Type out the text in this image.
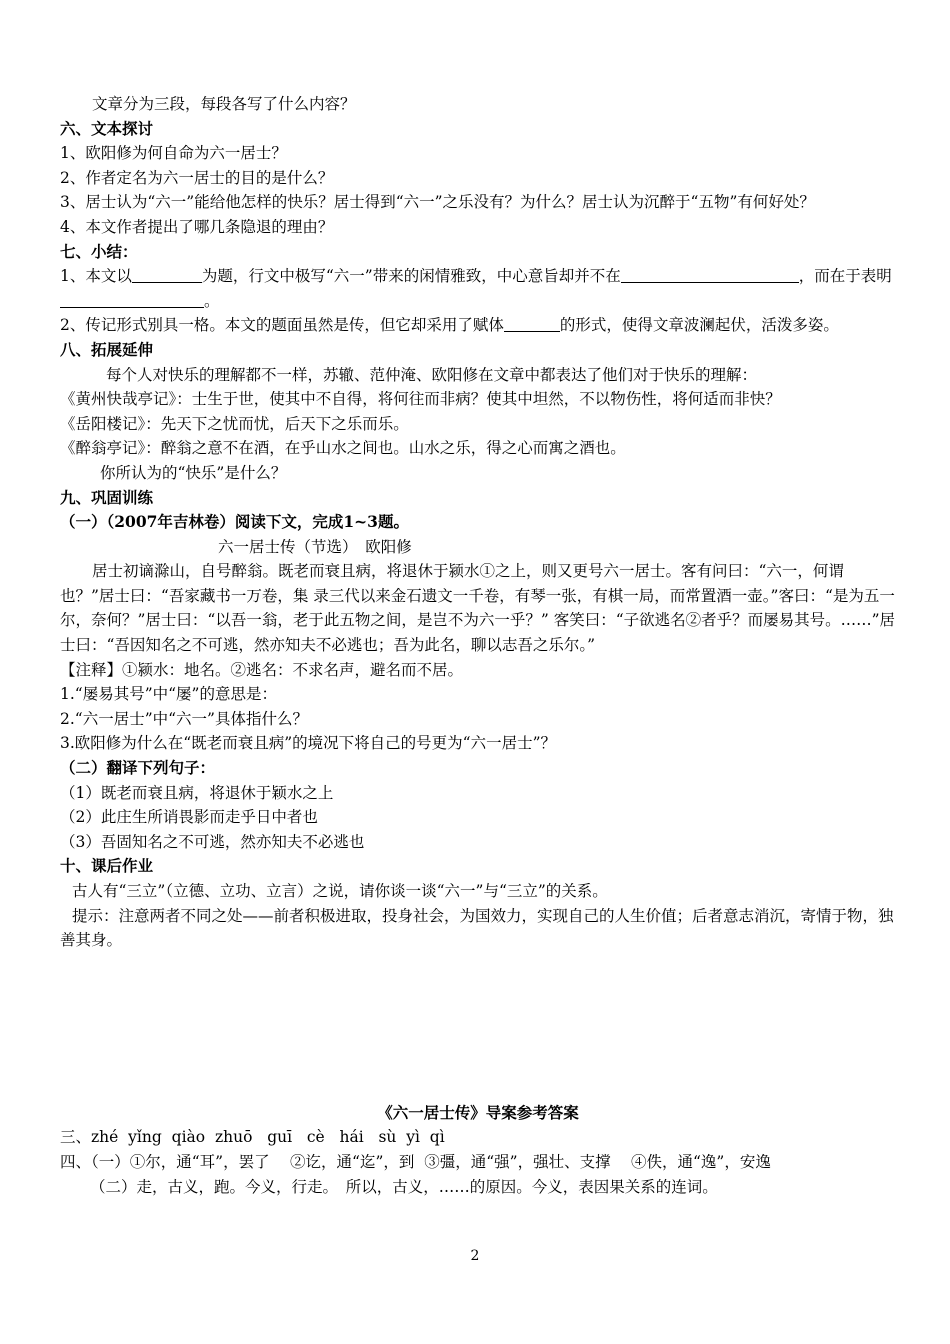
文章分为三段，每段各写了什么内容？
六、文本探讨
1、欧阳修为何自命为六一居士？
2、作者定名为六一居士的目的是什么？
3、居士认为“六一”能给他怎样的快乐？居士得到“六一”之乐没有？为什么？居士认为沉醉于“五物”有何好处？
4、本文作者提出了哪几条隐退的理由？
七、小结：
1、本文以	为题，行文中极写“六一”带来的闲情雅致，中心意旨却并不在	，而在于表明 。
2、传记形式别具一格。本文的题面虽然是传，但它却采用了赋体	的形式，使得文章波澜起伏，活泼多姿。
八、拓展延伸
每个人对快乐的理解都不一样，苏辙、范仲淹、欧阳修在文章中都表达了他们对于快乐的理解：
《黄州快哉亭记》：士生于世，使其中不自得，将何往而非病？使其中坦然，不以物伤性，将何适而非快？
《岳阳楼记》：先天下之忧而忧，后天下之乐而乐。
《醉翁亭记》：醉翁之意不在酒，在乎山水之间也。山水之乐，得之心而寓之酒也。
你所认为的“快乐”是什么？
九、巩固训练
（一）（2007年吉林卷）阅读下文，完成1~3题。
六一居士传（节选）　欧阳修
居士初谪滁山，自号醉翁。既老而衰且病，将退休于颍水①之上，则又更号六一居士。客有问曰：“六一，何谓也？”居士曰：“吾家藏书一万卷，集 录三代以来金石遗文一千卷，有琴一张，有棋一局，而常置酒一壶。”客曰：“是为五一尔，奈何？”居士曰：“以吾一翁，老于此五物之间，是岂不为六一乎？” 客笑曰：“子欲逃名②者乎？而屡易其号。……”居士曰：“吾因知名之不可逃，然亦知夫不必逃也；吾为此名，聊以志吾之乐尔。”
【注释】①颍水：地名。②逃名：不求名声，避名而不居。
1.“屡易其号”中“屡”的意思是：
2.“六一居士”中“六一”具体指什么？
3.欧阳修为什么在“既老而衰且病”的境况下将自己的号更为“六一居士”？
（二）翻译下列句子：
（1）既老而衰且病，将退休于颖水之上
（2）此庄生所诮畏影而走乎日中者也
（3）吾固知名之不可逃，然亦知夫不必逃也
十、课后作业
古人有“三立”（立德、立功、立言）之说，请你谈一谈“六一”与“三立”的关系。
提示：注意两者不同之处——前者积极进取，投身社会，为国效力，实现自己的人生价值；后者意志消沉，寄情于物，独善其身。
《六一居士传》导案参考答案
三、zhé  yǐng  qiào  zhuō   guī   cè   hái   sù  yì  qì
四、（一）①尔，通“耳”，罢了　 ②讫，通“迄”，到  ③彊，通“强”，强壮、支撑　 ④佚，通“逸”，安逸
（二）走，古义，跑。今义，行走。　所以，古义，……的原因。今义，表因果关系的连词。
2
